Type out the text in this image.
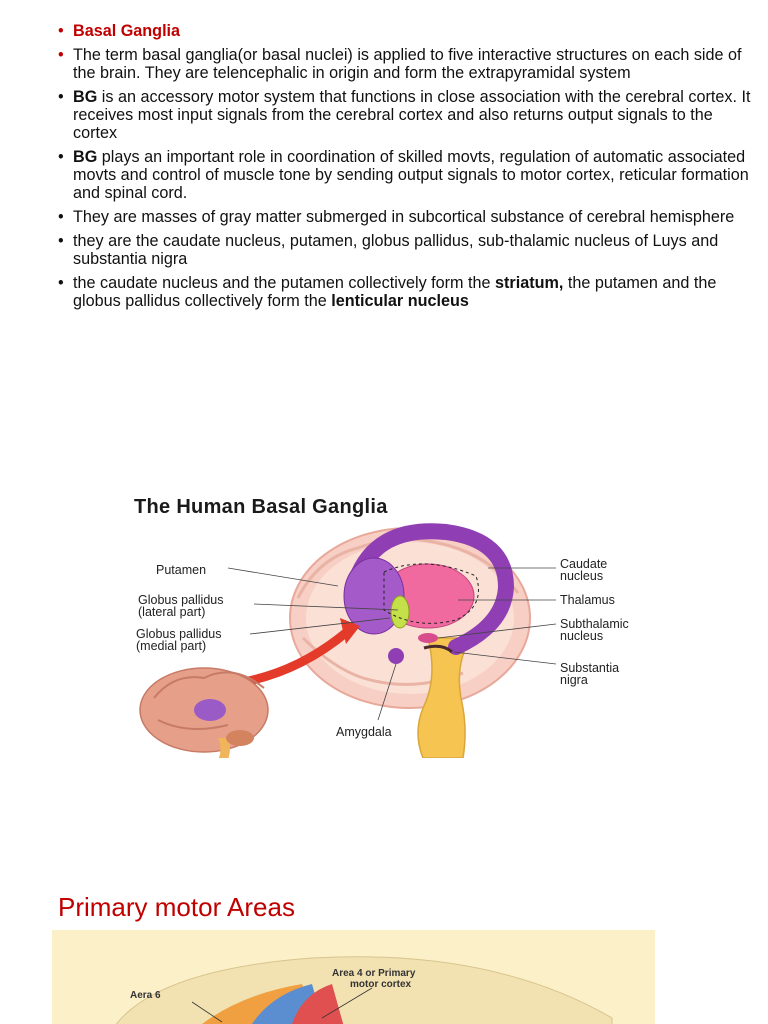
• Basal Ganglia
• The term basal ganglia(or basal nuclei) is applied to five interactive structures on each side of the brain. They are telencephalic in origin and form the extrapyramidal system
• BG is an accessory motor system that functions in close association with the cerebral cortex. It receives most input signals from the cerebral cortex and also returns output signals to the cortex
• BG plays an important role in coordination of skilled movts, regulation of automatic associated movts and control of muscle tone by sending output signals to motor cortex, reticular formation and spinal cord.
• They are masses of gray matter submerged in subcortical substance of cerebral hemisphere
• they are the caudate nucleus, putamen, globus pallidus, sub-thalamic nucleus of Luys and substantia nigra
• the caudate nucleus and the putamen collectively form the striatum, the putamen and the globus pallidus collectively form the lenticular nucleus
The Human Basal Ganglia
Putamen
Globus pallidus
(lateral part)
Globus pallidus
(medial part)
Caudate
nucleus
Thalamus
Subthalamic
nucleus
Substantia
nigra
Amygdala
Primary motor Areas
Area 4 or Primary
motor cortex
Aera 6
